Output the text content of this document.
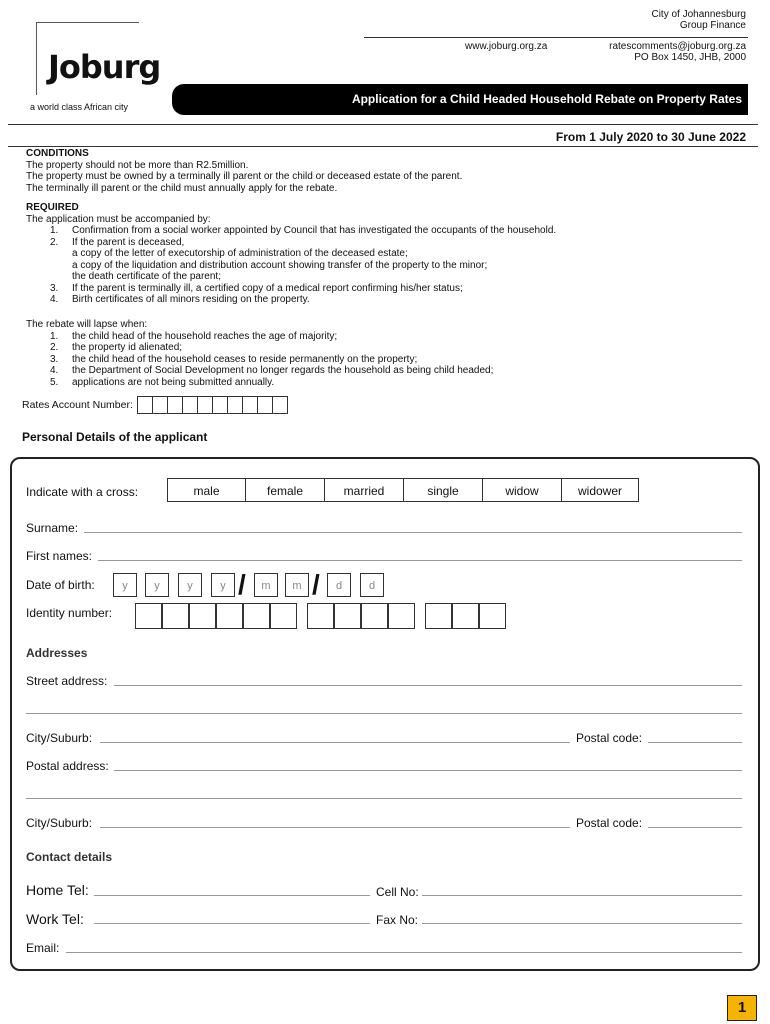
City of Johannesburg
Group Finance
www.joburg.org.za	ratescomments@joburg.org.za
PO Box 1450, JHB, 2000
Joburg
a world class African city
Application for a Child Headed Household Rebate on Property Rates
From 1 July 2020 to 30 June 2022
CONDITIONS
The property should not be more than R2.5million.
The property must be owned by a terminally ill parent or the child or deceased estate of the parent.
The terminally ill parent or the child must annually apply for the rebate.
REQUIRED
The application must be accompanied by:
1. Confirmation from a social worker appointed by Council that has investigated the occupants of the household.
2. If the parent is deceased,
a copy of the letter of executorship of administration of the deceased estate;
a copy of the liquidation and distribution account showing transfer of the property to the minor;
the death certificate of the parent;
3. If the parent is terminally ill, a certified copy of a medical report confirming his/her status;
4. Birth certificates of all minors residing on the property.
The rebate will lapse when:
1. the child head of the household reaches the age of majority;
2. the property id alienated;
3. the child head of the household ceases to reside permanently on the property;
4. the Department of Social Development no longer regards the household as being child headed;
5. applications are not being submitted annually.
Rates Account Number:
Personal Details of the applicant
Indicate with a cross:	male	female	married	single	widow	widower
Surname:
First names:
Date of birth:	y	y	y	y /	m	m /	d	d
Identity number:
Addresses
Street address:
City/Suburb:	Postal code:
Postal address:
City/Suburb:	Postal code:
Contact details
Home Tel:	Cell No:
Work Tel:	Fax No:
Email:
1
